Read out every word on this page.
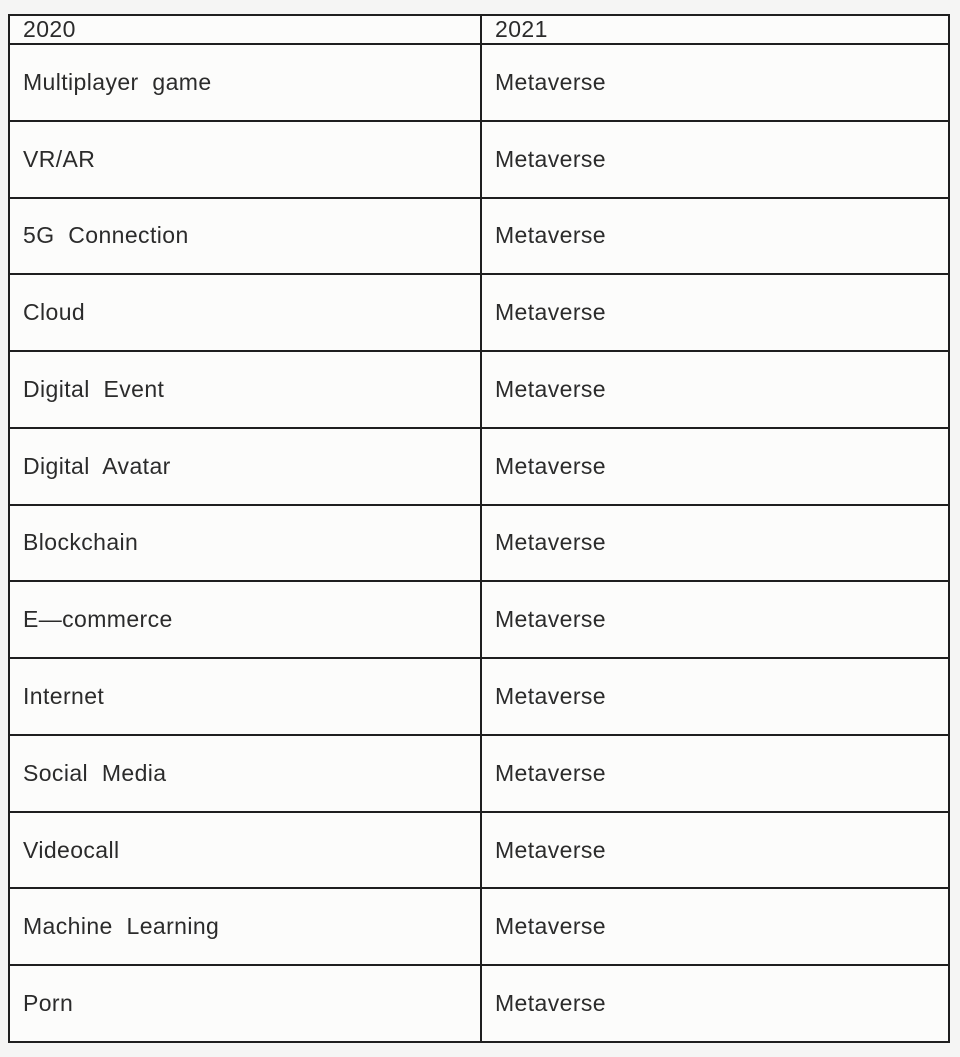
2020	2021
Multiplayer game	Metaverse
VR/AR	Metaverse
5G Connection	Metaverse
Cloud	Metaverse
Digital Event	Metaverse
Digital Avatar	Metaverse
Blockchain	Metaverse
E—commerce	Metaverse
Internet	Metaverse
Social Media	Metaverse
Videocall	Metaverse
Machine Learning	Metaverse
Porn	Metaverse
